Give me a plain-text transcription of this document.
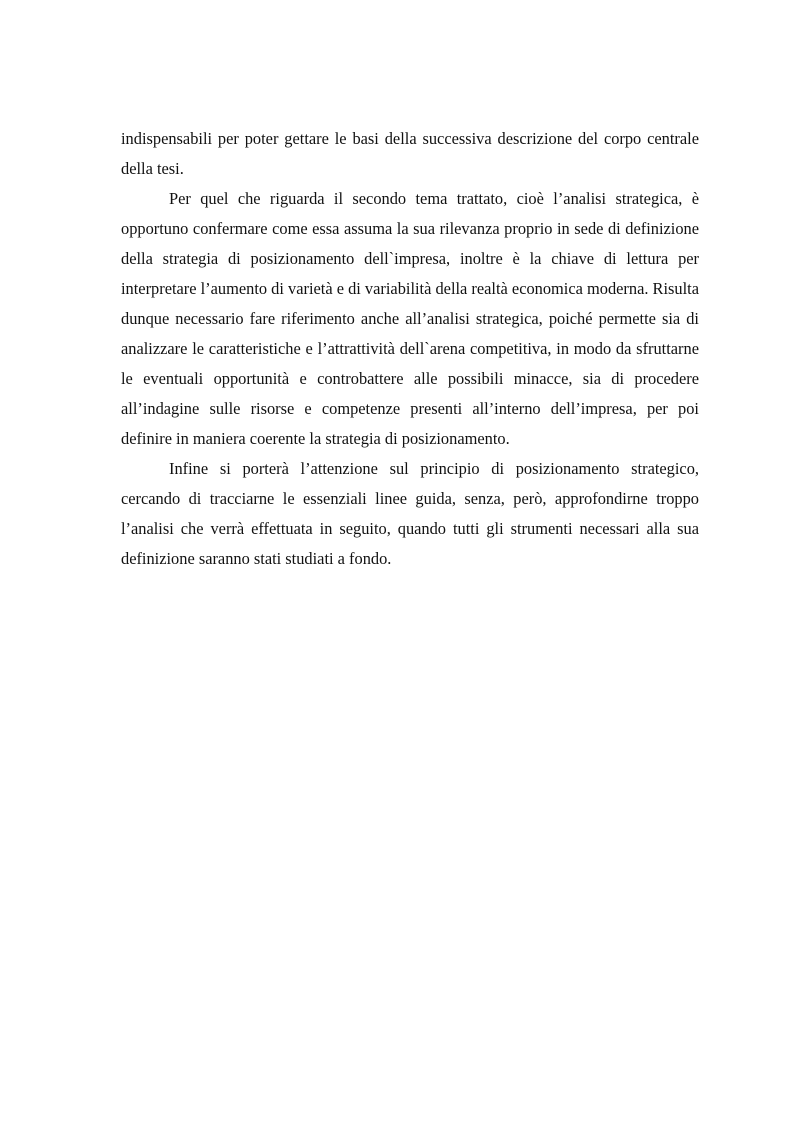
indispensabili per poter gettare le basi della successiva descrizione del corpo centrale della tesi.

Per quel che riguarda il secondo tema trattato, cioè l’analisi strategica, è opportuno confermare come essa assuma la sua rilevanza proprio in sede di definizione della strategia di posizionamento dell`impresa, inoltre è la chiave di lettura per interpretare l’aumento di varietà e di variabilità della realtà economica moderna. Risulta dunque necessario fare riferimento anche all’analisi strategica, poiché permette sia di analizzare le caratteristiche e l’attrattività dell`arena competitiva, in modo da sfruttarne le eventuali opportunità e controbattere alle possibili minacce, sia di procedere all’indagine sulle risorse e competenze presenti all’interno dell’impresa, per poi definire in maniera coerente la strategia di posizionamento.

Infine si porterà l’attenzione sul principio di posizionamento strategico, cercando di tracciarne le essenziali linee guida, senza, però, approfondirne troppo l’analisi che verrà effettuata in seguito, quando tutti gli strumenti necessari alla sua definizione saranno stati studiati a fondo.
